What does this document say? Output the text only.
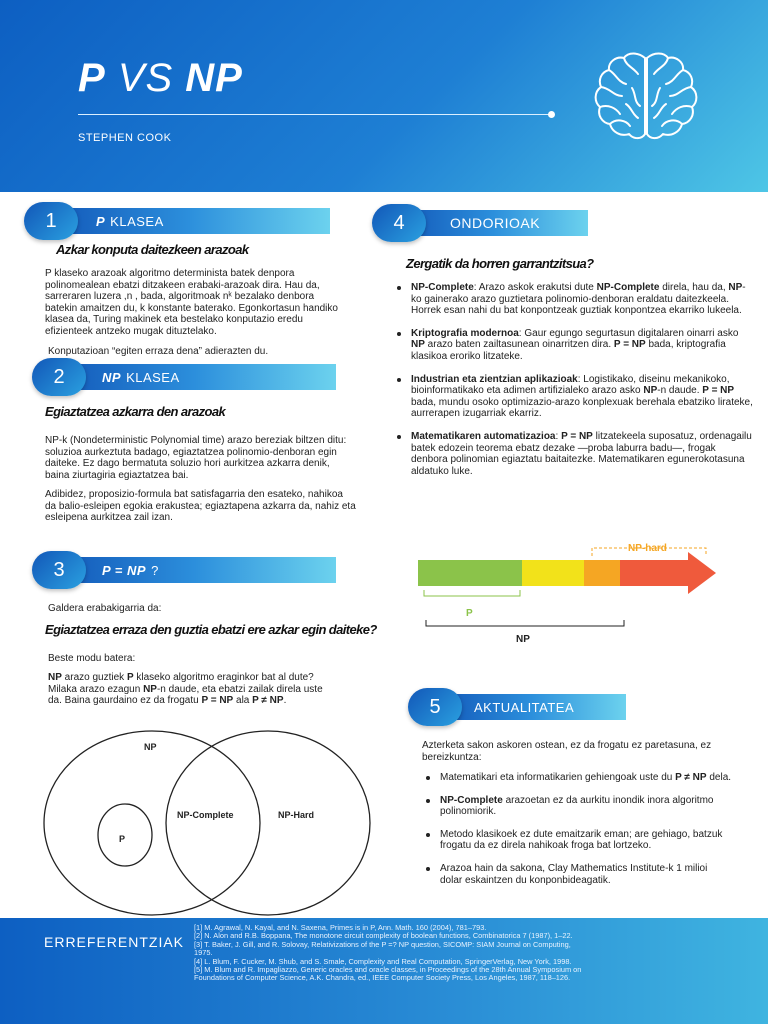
P VS NP
STEPHEN COOK
P KLASEA
1
Azkar konputa daitezkeen arazoak
P klaseko arazoak algoritmo determinista batek denpora
polinomealean ebatzi ditzakeen erabaki-arazoak dira. Hau da,
sarreraren luzera ,n , bada, algoritmoak nᵏ bezalako denbora
batekin amaitzen du, k konstante baterako. Egonkortasun handiko
klasea da, Turing makinek eta bestelako konputazio eredu
efizienteek antzeko mugak dituztelako.
Konputazioan “egiten erraza dena” adierazten du.
NP KLASEA
2
Egiaztatzea azkarra den arazoak
NP-k (Nondeterministic Polynomial time) arazo bereziak biltzen ditu:
soluzioa aurkeztuta badago, egiaztatzea polinomio-denboran egin
daiteke. Ez dago bermatuta soluzio hori aurkitzea azkarra denik,
baina ziurtagiria egiaztatzea bai.
Adibidez, proposizio-formula bat satisfagarria den esateko, nahikoa
da balio-esleipen egokia erakustea; egiaztapena azkarra da, nahiz eta
esleipena aurkitzea zail izan.
P = NP ?
3
Galdera erabakigarria da:
Egiaztatzea erraza den guztia ebatzi ere azkar egin daiteke?
Beste modu batera:
NP arazo guztiek P klaseko algoritmo eraginkor bat al dute?
Milaka arazo ezagun NP-n daude, eta ebatzi zailak direla uste
da. Baina gaurdaino ez da frogatu P = NP ala P ≠ NP.
NP
P
NP-Complete	NP-Hard
ONDORIOAK
4
Zergatik da horren garrantzitsua?
NP-Complete: Arazo askok erakutsi dute NP-Complete direla, hau da, NP-ko gainerako arazo guztietara polinomio-denboran eraldatu daitezkeela. Horrek esan nahi du bat konpontzeak guztiak konpontzea ekarriko lukeela.
Kriptografia modernoa: Gaur egungo segurtasun digitalaren oinarri asko NP arazo baten zailtasunean oinarritzen dira. P = NP bada, kriptografia klasikoa eroriko litzateke.
Industrian eta zientzian aplikazioak: Logistikako, diseinu mekanikoko, bioinformatikako eta adimen artifizialeko arazo asko NP-n daude. P = NP bada, mundu osoko optimizazio-arazo konplexuak berehala ebatziko lirateke, aurrerapen izugarriak ekarriz.
Matematikaren automatizazioa: P = NP litzatekeela suposatuz, ordenagailu batek edozein teorema ebatz dezake —proba laburra badu—, frogak denbora polinomian egiaztatu baitaitezke. Matematikaren egunerokotasuna aldatuko luke.
NP-hard
P
NP
AKTUALITATEA
5
Azterketa sakon askoren ostean, ez da frogatu ez paretasuna, ez
bereizkuntza:
Matematikari eta informatikarien gehiengoak uste du P ≠ NP dela.
NP-Complete arazoetan ez da aurkitu inondik inora algoritmo polinomiorik.
Metodo klasikoek ez dute emaitzarik eman; are gehiago, batzuk frogatu da ez direla nahikoak froga bat lortzeko.
Arazoa hain da sakona, Clay Mathematics Institute-k 1 milioi dolar eskaintzen du konponbideagatik.
ERREFERENTZIAK
[1] M. Agrawal, N. Kayal, and N. Saxena, Primes is in P, Ann. Math. 160 (2004), 781–793.
[2] N. Alon and R.B. Boppana, The monotone circuit complexity of boolean functions, Combinatorica 7 (1987), 1–22.
[3] T. Baker, J. Gill, and R. Solovay, Relativizations of the P =? NP question, SICOMP: SIAM Journal on Computing, 1975.
[4] L. Blum, F. Cucker, M. Shub, and S. Smale, Complexity and Real Computation, SpringerVerlag, New York, 1998.
[5] M. Blum and R. Impagliazzo, Generic oracles and oracle classes, in Proceedings of the 28th Annual Symposium on Foundations of Computer Science, A.K. Chandra, ed., IEEE Computer Society Press, Los Angeles, 1987, 118–126.
